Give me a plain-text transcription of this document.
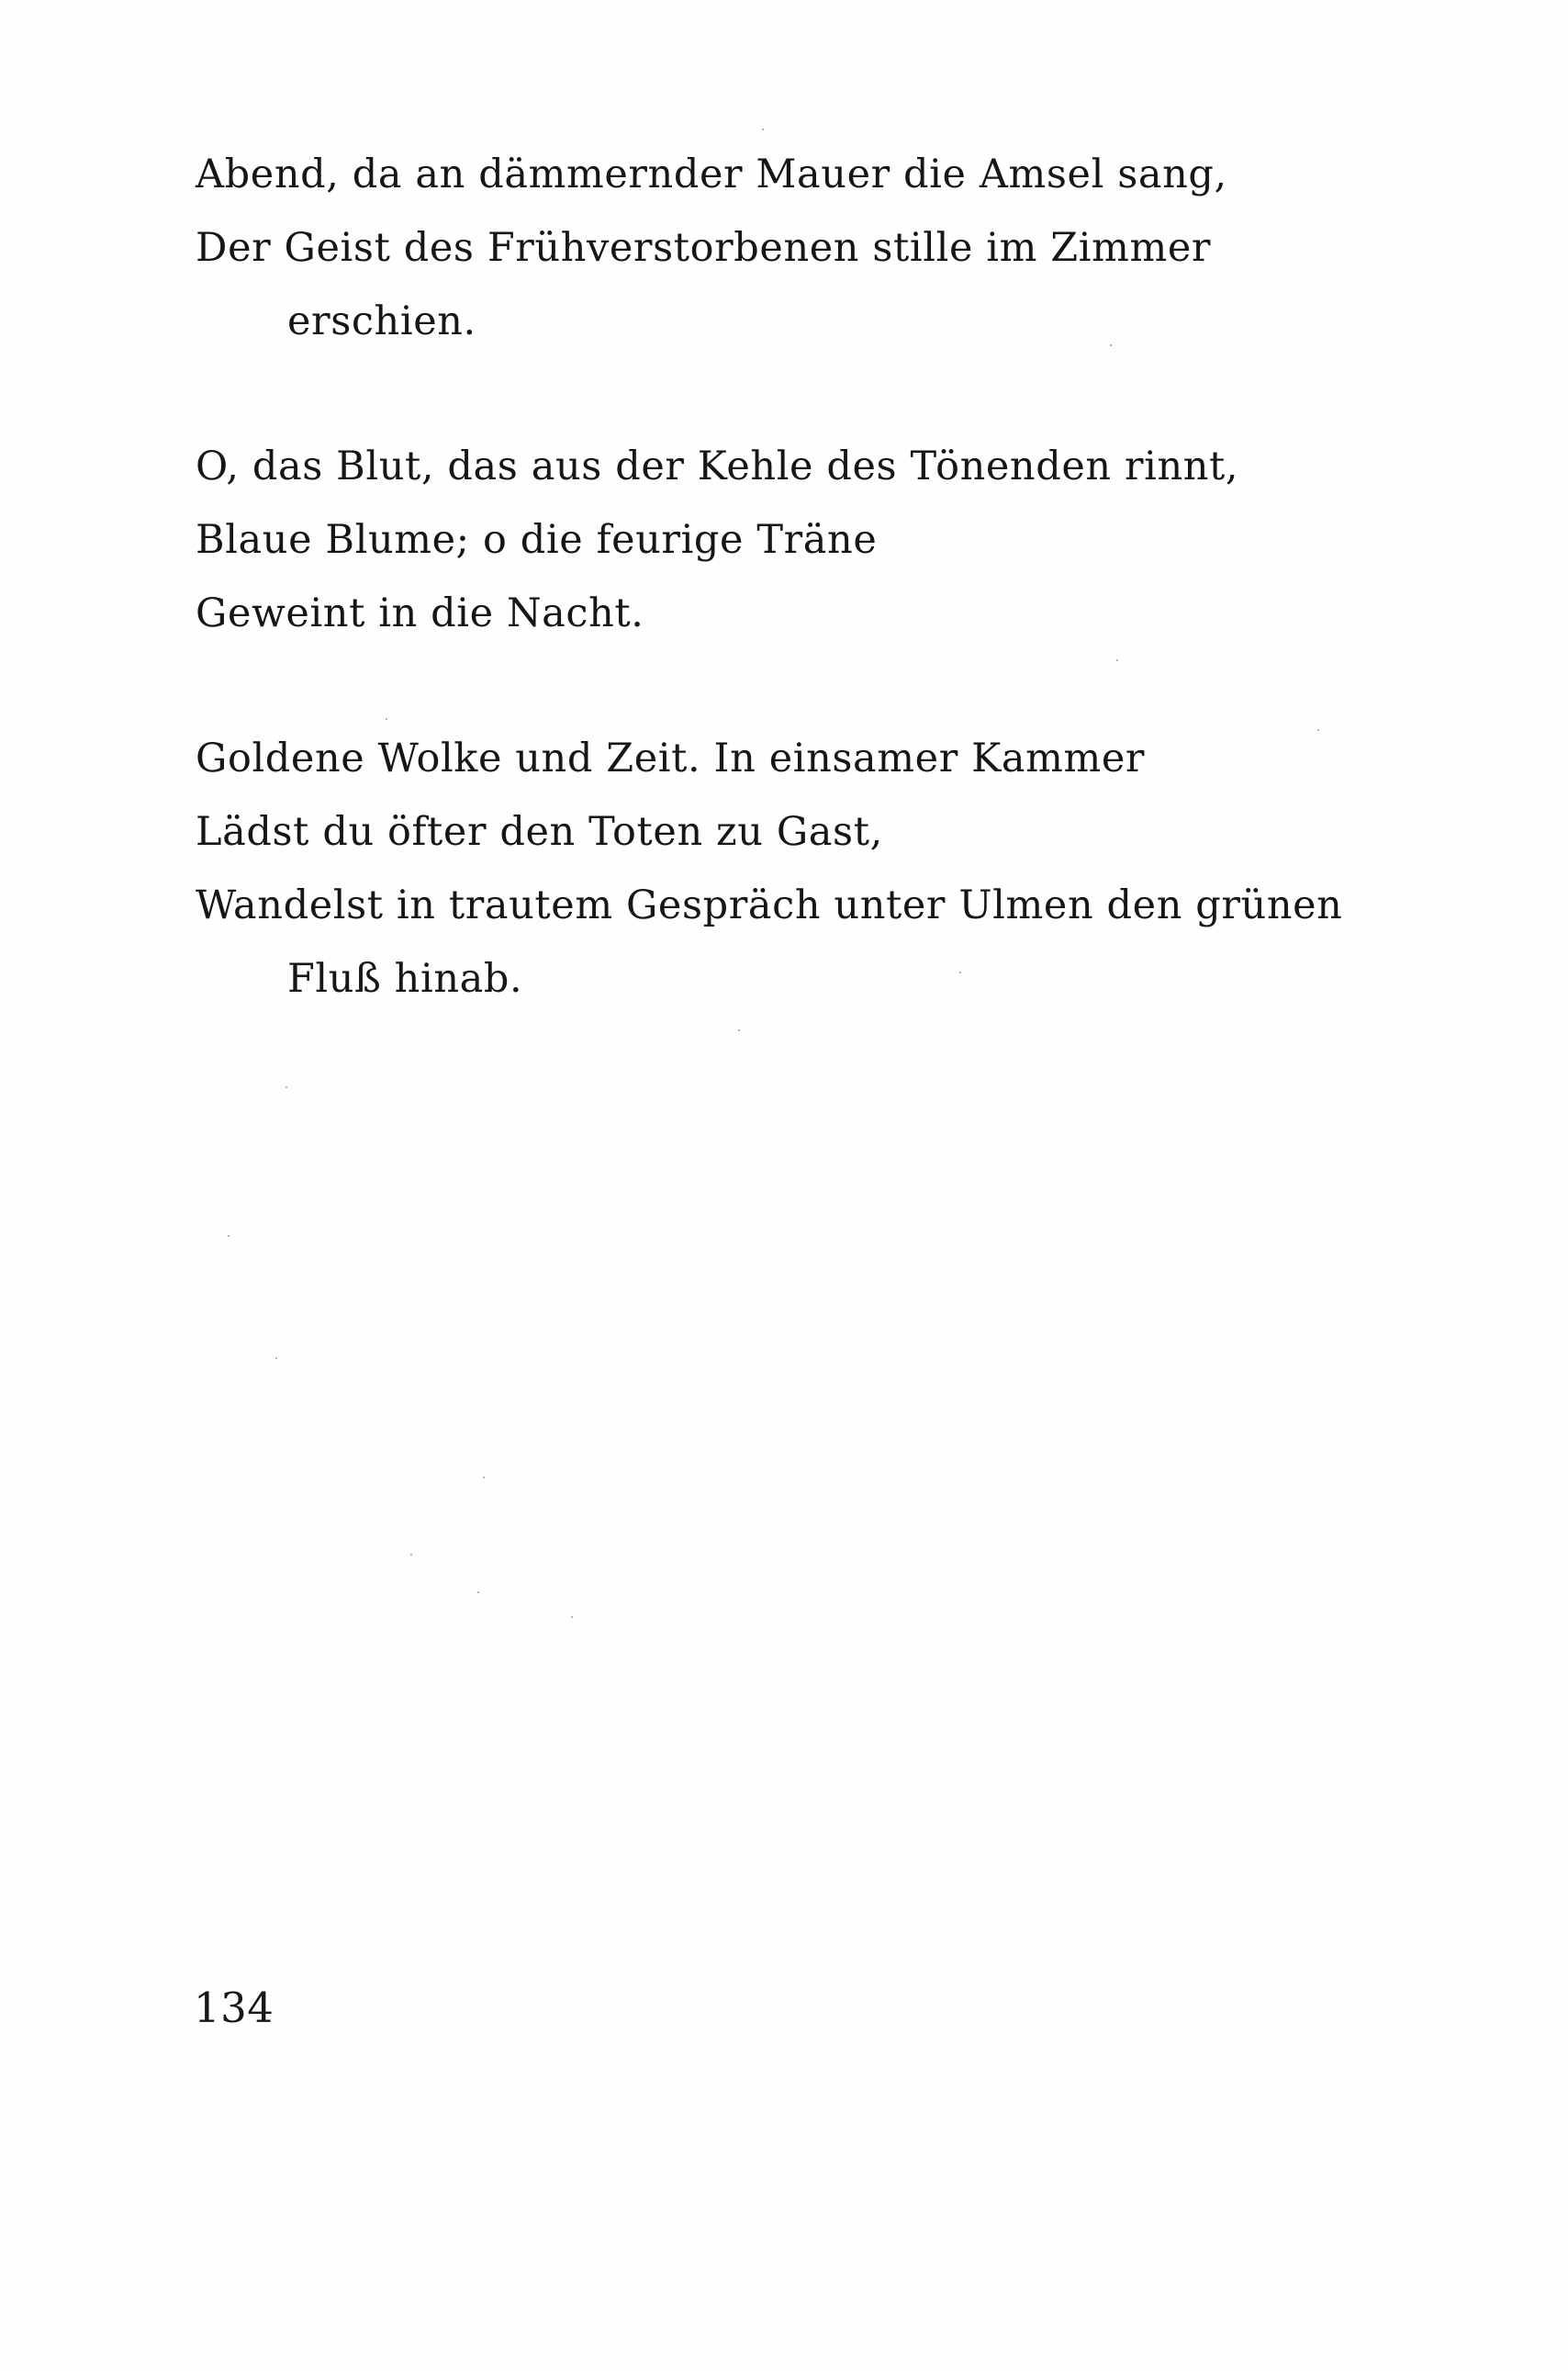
Abend, da an dämmernder Mauer die Amsel sang,
Der Geist des Frühverstorbenen stille im Zimmer
erschien.
O, das Blut, das aus der Kehle des Tönenden rinnt,
Blaue Blume; o die feurige Träne
Geweint in die Nacht.
Goldene Wolke und Zeit. In einsamer Kammer
Lädst du öfter den Toten zu Gast,
Wandelst in trautem Gespräch unter Ulmen den grünen
Fluß hinab.
134
